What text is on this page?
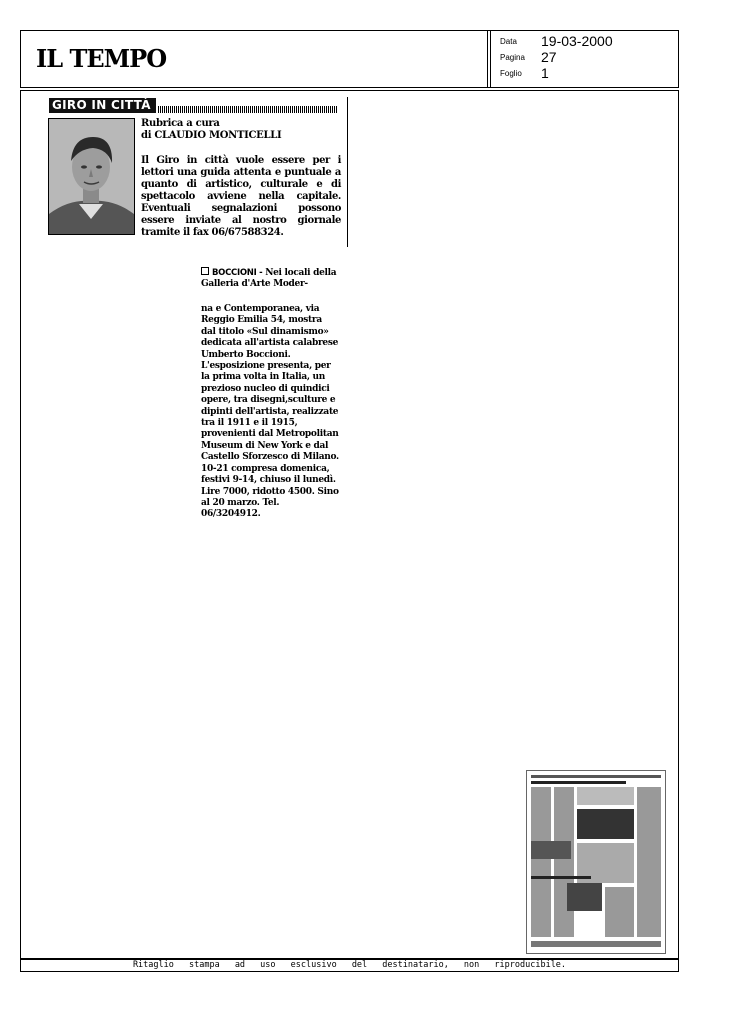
IL TEMPO
Data 19-03-2000
Pagina 27
Foglio 1
GIRO IN CITTÀ
Rubrica a cura
di CLAUDIO MONTICELLI
Il Giro in città vuole essere per i lettori una guida attenta e puntuale a quanto di artistico, culturale e di spettacolo avviene nella capitale. Eventuali segnalazioni possono essere inviate al nostro giornale tramite il fax 06/67588324.
BOCCIONI - Nei locali della Galleria d'Arte Moder-
na e Contemporanea, via Reggio Emilia 54, mostra dal titolo «Sul dinamismo» dedicata all'artista calabrese Umberto Boccioni. L'esposizione presenta, per la prima volta in Italia, un prezioso nucleo di quindici opere, tra disegni,sculture e dipinti dell'artista, realizzate tra il 1911 e il 1915, provenienti dal Metropolitan Museum di New York e dal Castello Sforzesco di Milano. 10-21 compresa domenica, festivi 9-14, chiuso il lunedì. Lire 7000, ridotto 4500. Sino al 20 marzo. Tel. 06/3204912.
Ritaglio stampa ad uso esclusivo del destinatario, non riproducibile.
